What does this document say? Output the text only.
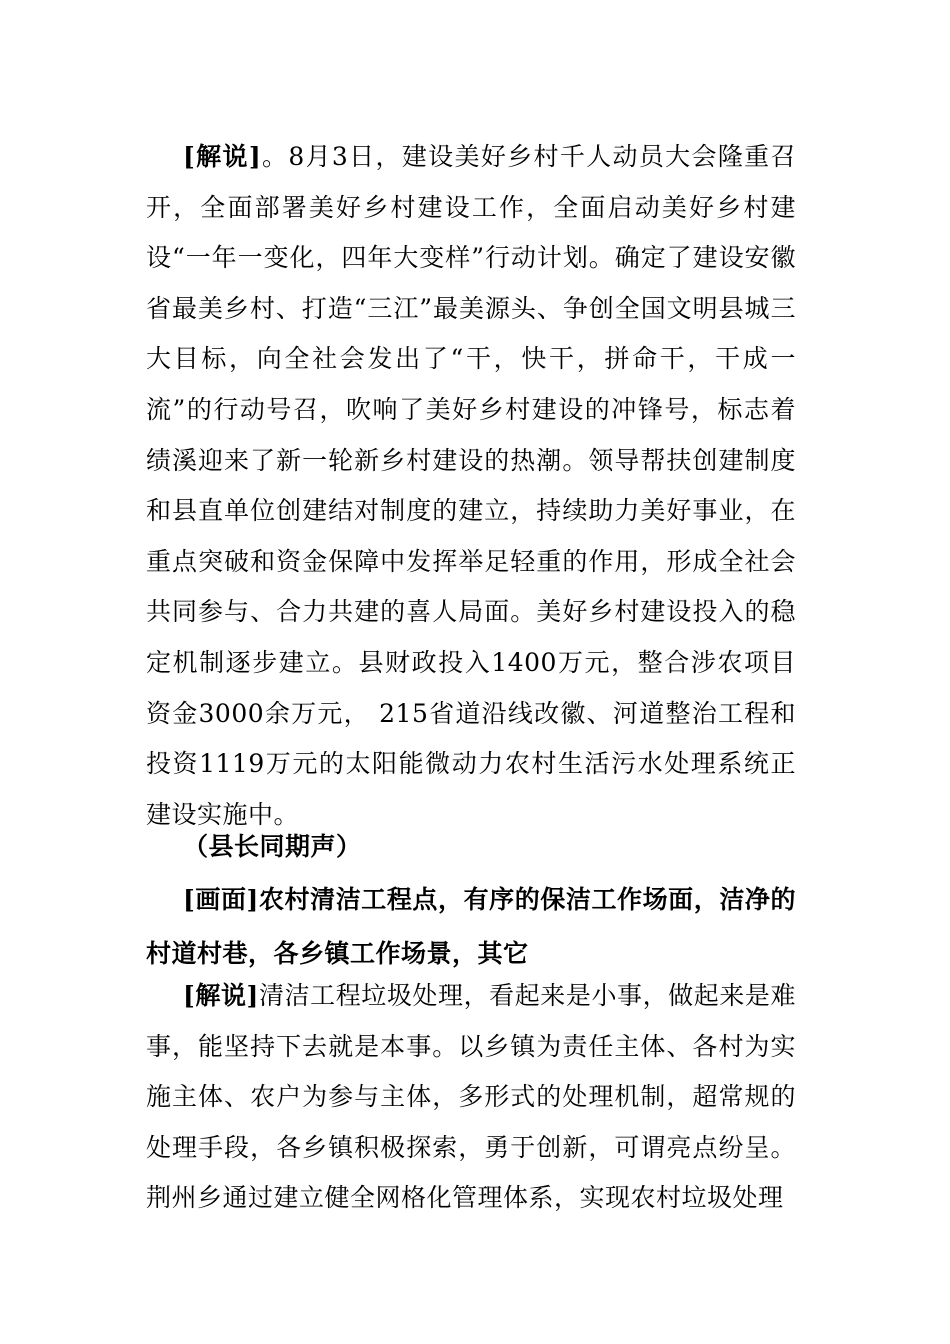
[解说]。8月3日，建设美好乡村千人动员大会隆重召开，全面部署美好乡村建设工作，全面启动美好乡村建设“一年一变化，四年大变样”行动计划。确定了建设安徽省最美乡村、打造“三江”最美源头、争创全国文明县城三大目标，向全社会发出了“干，快干，拼命干，干成一流”的行动号召，吹响了美好乡村建设的冲锋号，标志着绩溪迎来了新一轮新乡村建设的热潮。领导帮扶创建制度和县直单位创建结对制度的建立，持续助力美好事业，在重点突破和资金保障中发挥举足轻重的作用，形成全社会共同参与、合力共建的喜人局面。美好乡村建设投入的稳定机制逐步建立。县财政投入1400万元，整合涉农项目资金3000余万元， 215省道沿线改徽、河道整治工程和投资1119万元的太阳能微动力农村生活污水处理系统正建设实施中。

（县长同期声）

[画面]农村清洁工程点，有序的保洁工作场面，洁净的村道村巷，各乡镇工作场景，其它

[解说]清洁工程垃圾处理，看起来是小事，做起来是难事，能坚持下去就是本事。以乡镇为责任主体、各村为实施主体、农户为参与主体，多形式的处理机制，超常规的处理手段，各乡镇积极探索，勇于创新，可谓亮点纷呈。荆州乡通过建立健全网格化管理体系，实现农村垃圾处理
